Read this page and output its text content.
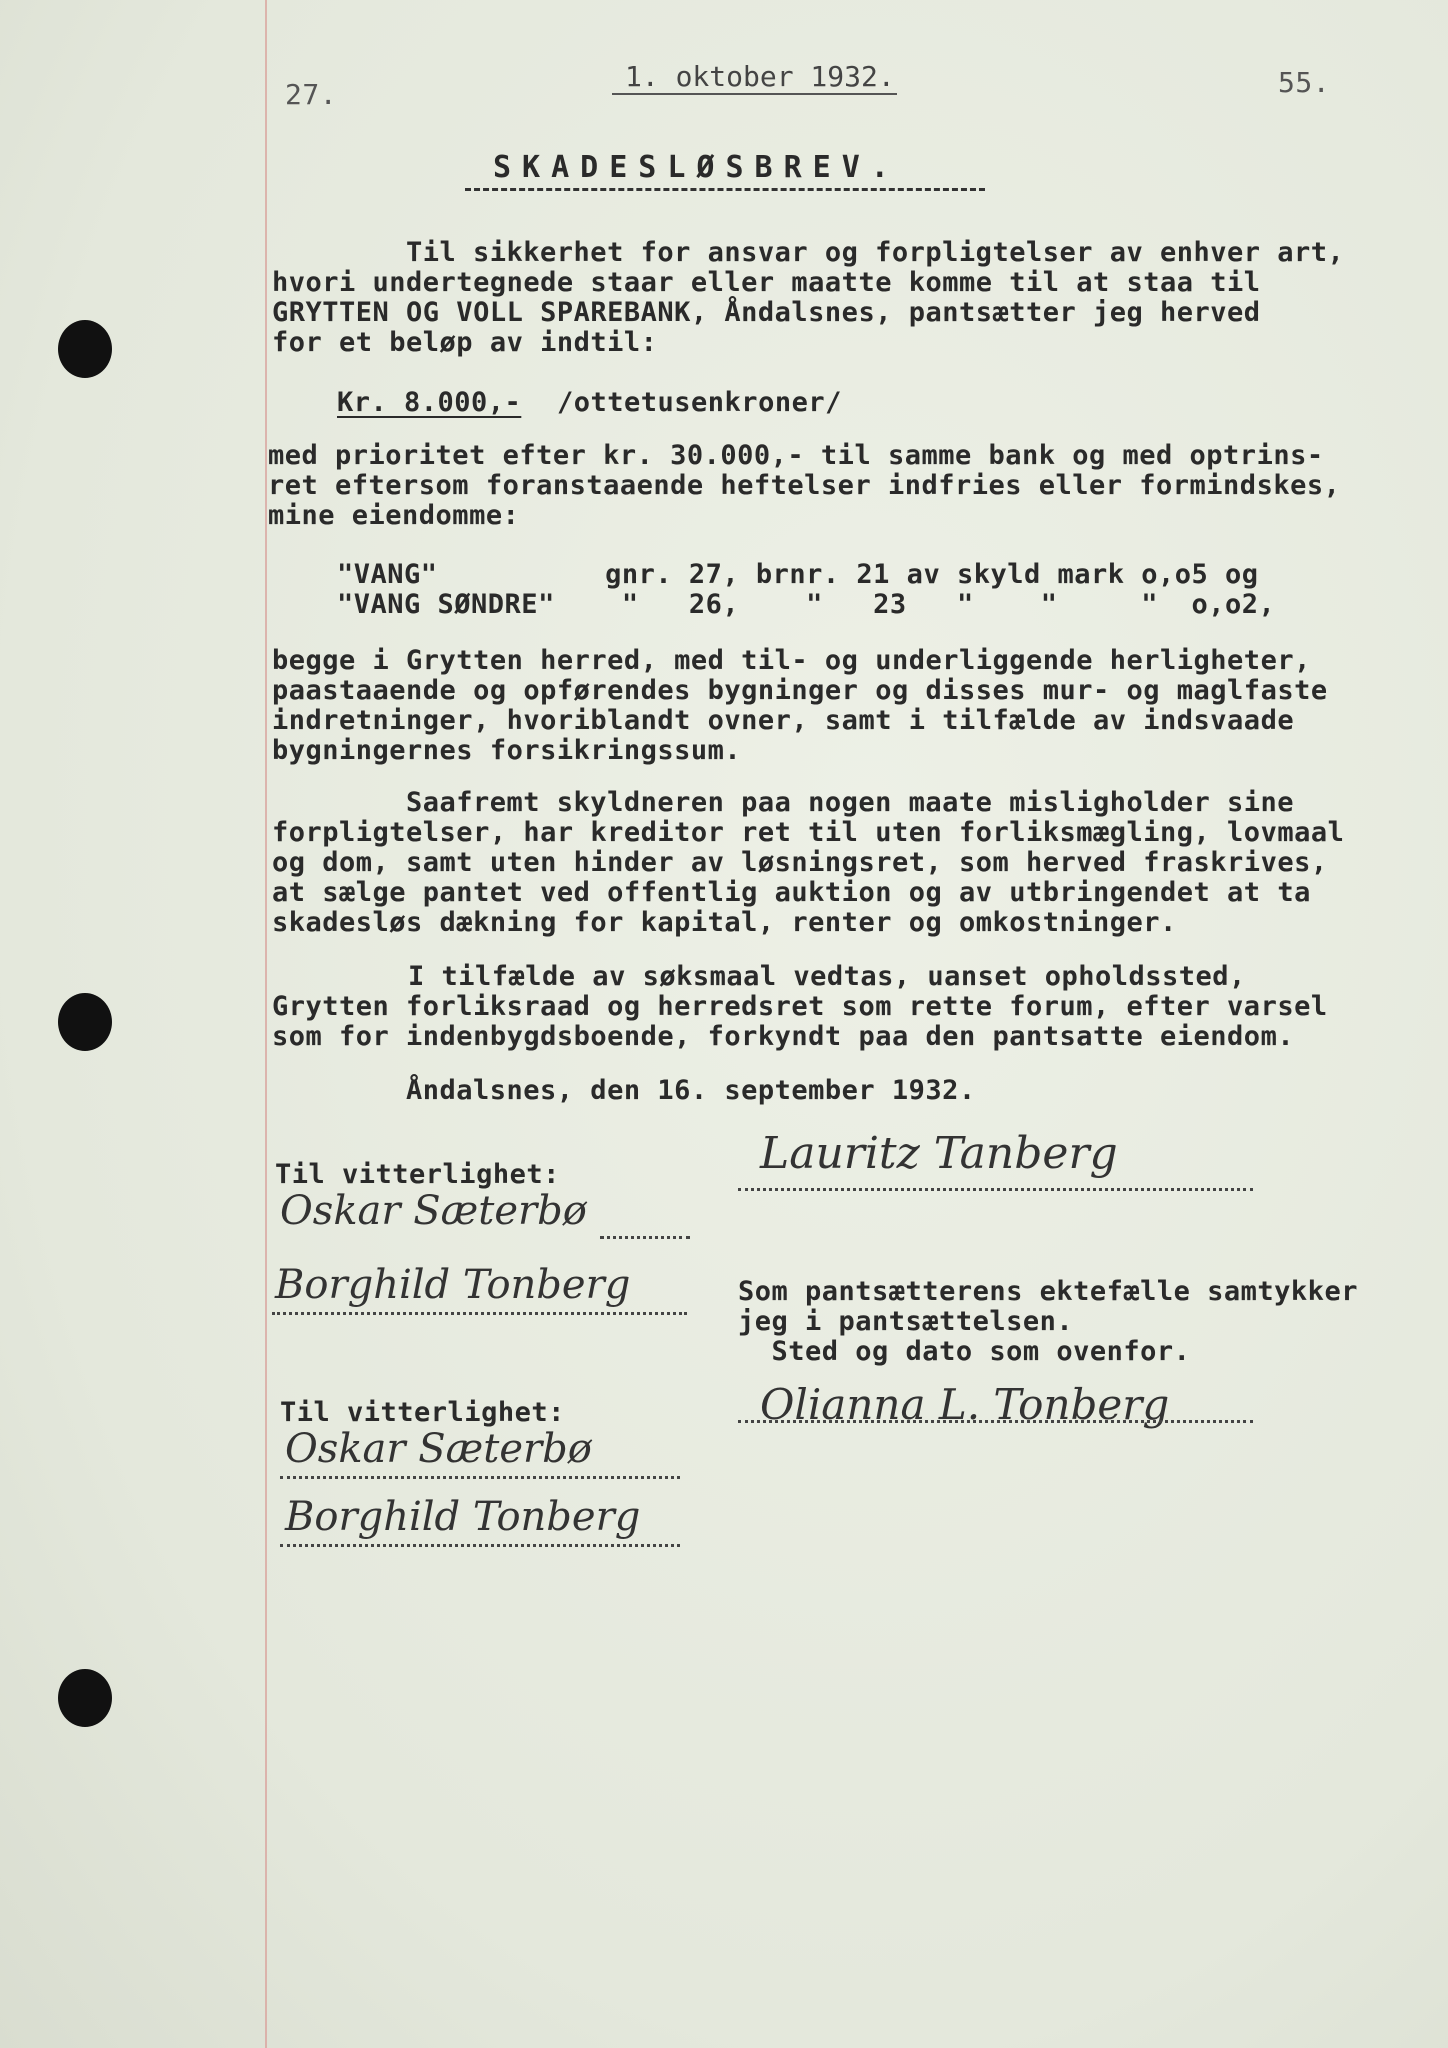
27.
1. oktober 1932.	55.
SKADESLØSBREV.
Til sikkerhet for ansvar og forpligtelser av enhver art,
hvori undertegnede staar eller maatte komme til at staa til
GRYTTEN OG VOLL SPAREBANK, Åndalsnes, pantsætter jeg herved
for et beløp av indtil:
Kr. 8.000,- /ottetusenkroner/
med prioritet efter kr. 30.000,- til samme bank og med optrins-
ret eftersom foranstaaende heftelser indfries eller formindskes,
mine eiendomme:
"VANG"          gnr. 27, brnr. 21 av skyld mark o,o5 og
"VANG SØNDRE"    "   26,    "   23   "    "     "  o,o2,
begge i Grytten herred, med til- og underliggende herligheter,
paastaaende og opførendes bygninger og disses mur- og maglfaste
indretninger, hvoriblandt ovner, samt i tilfælde av indsvaade
bygningernes forsikringssum.
Saafremt skyldneren paa nogen maate misligholder sine
forpligtelser, har kreditor ret til uten forliksmægling, lovmaal
og dom, samt uten hinder av løsningsret, som herved fraskrives,
at sælge pantet ved offentlig auktion og av utbringendet at ta
skadesløs dækning for kapital, renter og omkostninger.
I tilfælde av søksmaal vedtas, uanset opholdssted,
Grytten forliksraad og herredsret som rette forum, efter varsel
som for indenbygdsboende, forkyndt paa den pantsatte eiendom.
Åndalsnes, den 16. september 1932.
Til vitterlighet:
Oskar Sæterbø
Borghild Tonberg
Lauritz Tanberg
Som pantsætterens ektefælle samtykker
jeg i pantsættelsen.
Sted og dato som ovenfor.
Olianna L. Tonberg
Til vitterlighet:
Oskar Sæterbø
Borghild Tonberg
